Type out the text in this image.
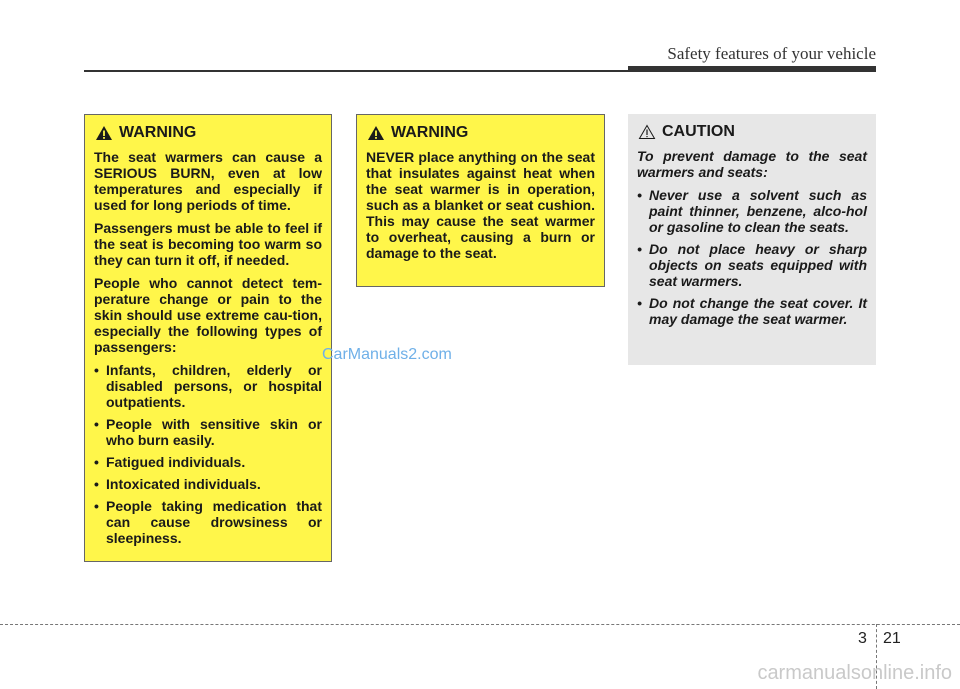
Safety features of your vehicle
WARNING

The seat warmers can cause a SERIOUS BURN, even at low temperatures and especially if used for long periods of time.

Passengers must be able to feel if the seat is becoming too warm so they can turn it off, if needed.

People who cannot detect tem-perature change or pain to the skin should use extreme cau-tion, especially the following types of passengers:

• Infants, children, elderly or disabled persons, or hospital outpatients.
• People with sensitive skin or who burn easily.
• Fatigued individuals.
• Intoxicated individuals.
• People taking medication that can cause drowsiness or sleepiness.
WARNING

NEVER place anything on the seat that insulates against heat when the seat warmer is in operation, such as a blanket or seat cushion. This may cause the seat warmer to overheat, causing a burn or damage to the seat.

CAUTION

To prevent damage to the seat warmers and seats:

• Never use a solvent such as paint thinner, benzene, alco-hol or gasoline to clean the seats.
• Do not place heavy or sharp objects on seats equipped with seat warmers.
• Do not change the seat cover. It may damage the seat warmer.
CarManuals2.com
3 21
carmanualsonline.info
